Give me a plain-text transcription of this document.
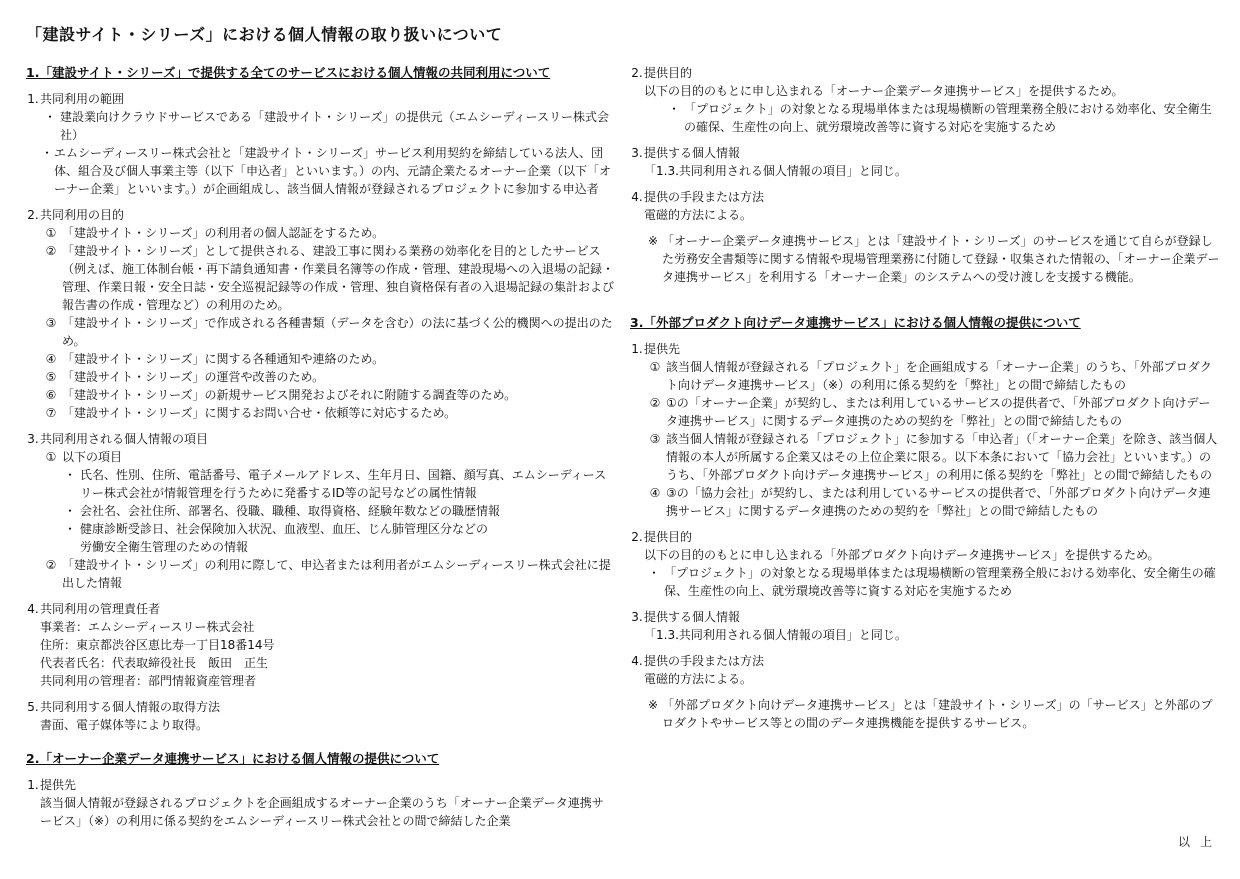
「建設サイト・シリーズ」における個人情報の取り扱いについて
1.「建設サイト・シリーズ」で提供する全てのサービスにおける個人情報の共同利用について
1. 共同利用の範囲
・ 建設業向けクラウドサービスである「建設サイト・シリーズ」の提供元（エムシーディースリー株式会社）
・ エムシーディースリー株式会社と「建設サイト・シリーズ」サービス利用契約を締結している法人、団体、組合及び個人事業主等（以下「申込者」といいます。）の内、元請企業たるオーナー企業（以下「オーナー企業」といいます。）が企画組成し、該当個人情報が登録されるプロジェクトに参加する申込者
2. 共同利用の目的
① 「建設サイト・シリーズ」の利用者の個人認証をするため。
② 「建設サイト・シリーズ」として提供される、建設工事に関わる業務の効率化を目的としたサービス（例えば、施工体制台帳・再下請負通知書・作業員名簿等の作成・管理、建設現場への入退場の記録・管理、作業日報・安全日誌・安全巡視記録等の作成・管理、独自資格保有者の入退場記録の集計および報告書の作成・管理など）の利用のため。
③ 「建設サイト・シリーズ」で作成される各種書類（データを含む）の法に基づく公的機関への提出のため。
④ 「建設サイト・シリーズ」に関する各種通知や連絡のため。
⑤ 「建設サイト・シリーズ」の運営や改善のため。
⑥ 「建設サイト・シリーズ」の新規サービス開発およびそれに附随する調査等のため。
⑦ 「建設サイト・シリーズ」に関するお問い合せ・依頼等に対応するため。
3. 共同利用される個人情報の項目
① 以下の項目
・ 氏名、性別、住所、電話番号、電子メールアドレス、生年月日、国籍、顔写真、エムシーディースリー株式会社が情報管理を行うために発番するID等の記号などの属性情報
・ 会社名、会社住所、部署名、役職、職種、取得資格、経験年数などの職歴情報
・ 健康診断受診日、社会保険加入状況、血液型、血圧、じん肺管理区分などの
労働安全衛生管理のための情報
② 「建設サイト・シリーズ」の利用に際して、申込者または利用者がエムシーディースリー株式会社に提出した情報
4. 共同利用の管理責任者
事業者：エムシーディースリー株式会社
住所：東京都渋谷区恵比寿一丁目18番14号
代表者氏名：代表取締役社長　飯田　正生
共同利用の管理者：部門情報資産管理者
5. 共同利用する個人情報の取得方法
書面、電子媒体等により取得。
2.「オーナー企業データ連携サービス」における個人情報の提供について
1. 提供先
該当個人情報が登録されるプロジェクトを企画組成するオーナー企業のうち「オーナー企業データ連携サービス」（※）の利用に係る契約をエムシーディースリー株式会社との間で締結した企業
2. 提供目的
以下の目的のもとに申し込まれる「オーナー企業データ連携サービス」を提供するため。
・ 「プロジェクト」の対象となる現場単体または現場横断の管理業務全般における効率化、安全衛生の確保、生産性の向上、就労環境改善等に資する対応を実施するため
3. 提供する個人情報
「1.3.共同利用される個人情報の項目」と同じ。
4. 提供の手段または方法
電磁的方法による。
※ 「オーナー企業データ連携サービス」とは「建設サイト・シリーズ」のサービスを通じて自らが登録した労務安全書類等に関する情報や現場管理業務に付随して登録・収集された情報の、「オーナー企業データ連携サービス」を利用する「オーナー企業」のシステムへの受け渡しを支援する機能。
3.「外部プロダクト向けデータ連携サービス」における個人情報の提供について
1. 提供先
① 該当個人情報が登録される「プロジェクト」を企画組成する「オーナー企業」のうち、「外部プロダクト向けデータ連携サービス」（※）の利用に係る契約を「弊社」との間で締結したもの
② ①の「オーナー企業」が契約し、または利用しているサービスの提供者で、「外部プロダクト向けデータ連携サービス」に関するデータ連携のための契約を「弊社」との間で締結したもの
③ 該当個人情報が登録される「プロジェクト」に参加する「申込者」（「オーナー企業」を除き、該当個人情報の本人が所属する企業又はその上位企業に限る。以下本条において「協力会社」といいます。）のうち、「外部プロダクト向けデータ連携サービス」の利用に係る契約を「弊社」との間で締結したもの
④ ③の「協力会社」が契約し、または利用しているサービスの提供者で、「外部プロダクト向けデータ連携サービス」に関するデータ連携のための契約を「弊社」との間で締結したもの
2. 提供目的
以下の目的のもとに申し込まれる「外部プロダクト向けデータ連携サービス」を提供するため。
・ 「プロジェクト」の対象となる現場単体または現場横断の管理業務全般における効率化、安全衛生の確保、生産性の向上、就労環境改善等に資する対応を実施するため
3. 提供する個人情報
「1.3.共同利用される個人情報の項目」と同じ。
4. 提供の手段または方法
電磁的方法による。
※ 「外部プロダクト向けデータ連携サービス」とは「建設サイト・シリーズ」の「サービス」と外部のプロダクトやサービス等との間のデータ連携機能を提供するサービス。
以上
